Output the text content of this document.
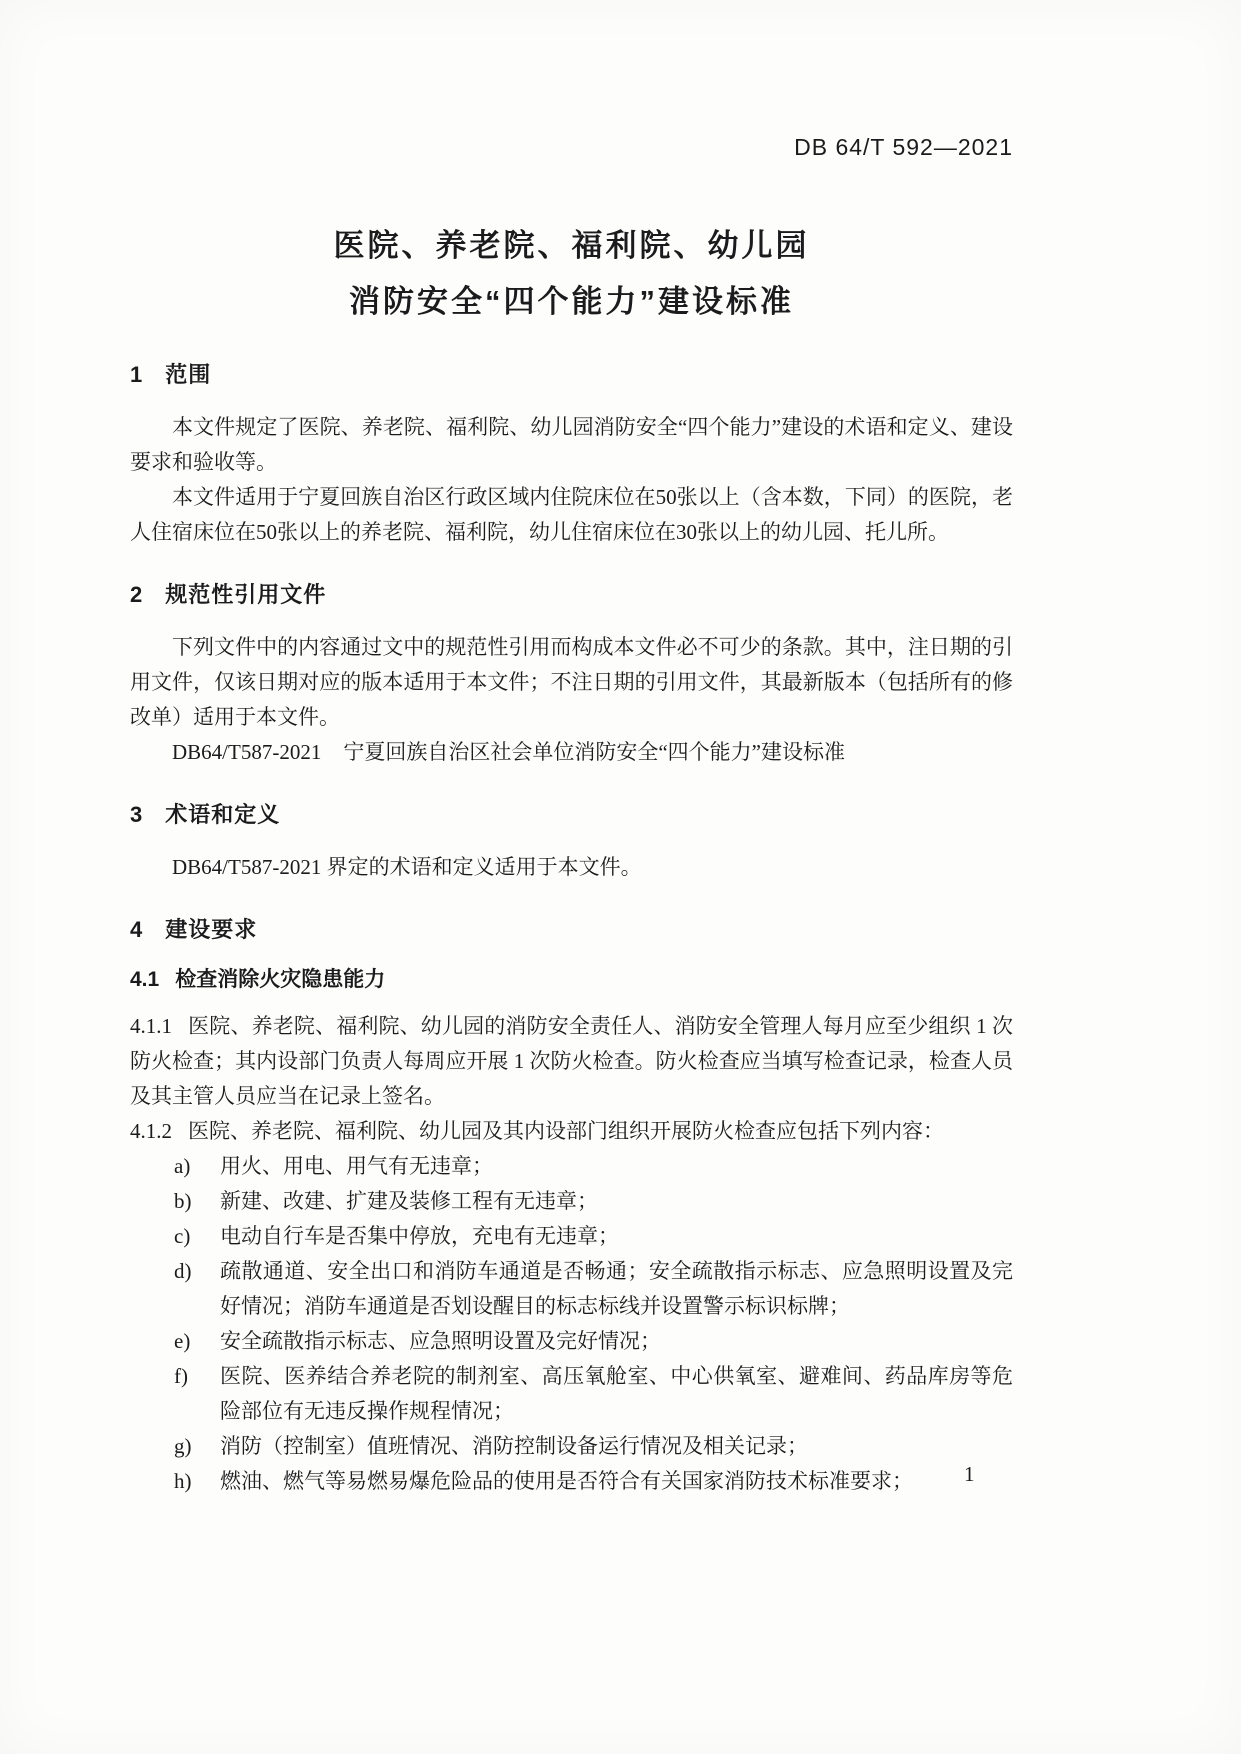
DB 64/T 592—2021
医院、养老院、福利院、幼儿园
消防安全“四个能力”建设标准
1 范围

本文件规定了医院、养老院、福利院、幼儿园消防安全“四个能力”建设的术语和定义、建设要求和验收等。

本文件适用于宁夏回族自治区行政区域内住院床位在50张以上（含本数，下同）的医院，老人住宿床位在50张以上的养老院、福利院，幼儿住宿床位在30张以上的幼儿园、托儿所。

2 规范性引用文件

下列文件中的内容通过文中的规范性引用而构成本文件必不可少的条款。其中，注日期的引用文件，仅该日期对应的版本适用于本文件；不注日期的引用文件，其最新版本（包括所有的修改单）适用于本文件。

DB64/T587-2021 宁夏回族自治区社会单位消防安全“四个能力”建设标准

3 术语和定义

DB64/T587-2021 界定的术语和定义适用于本文件。

4 建设要求
4.1 检查消除火灾隐患能力

4.1.1 医院、养老院、福利院、幼儿园的消防安全责任人、消防安全管理人每月应至少组织 1 次防火检查；其内设部门负责人每周应开展 1 次防火检查。防火检查应当填写检查记录，检查人员及其主管人员应当在记录上签名。

4.1.2 医院、养老院、福利院、幼儿园及其内设部门组织开展防火检查应包括下列内容：

a)	用火、用电、用气有无违章；
b)	新建、改建、扩建及装修工程有无违章；
c)	电动自行车是否集中停放，充电有无违章；
d)	疏散通道、安全出口和消防车通道是否畅通；安全疏散指示标志、应急照明设置及完好情况；消防车通道是否划设醒目的标志标线并设置警示标识标牌；
e)	安全疏散指示标志、应急照明设置及完好情况；
f)	医院、医养结合养老院的制剂室、高压氧舱室、中心供氧室、避难间、药品库房等危险部位有无违反操作规程情况；
g)	消防（控制室）值班情况、消防控制设备运行情况及相关记录；
h)	燃油、燃气等易燃易爆危险品的使用是否符合有关国家消防技术标准要求；	1
